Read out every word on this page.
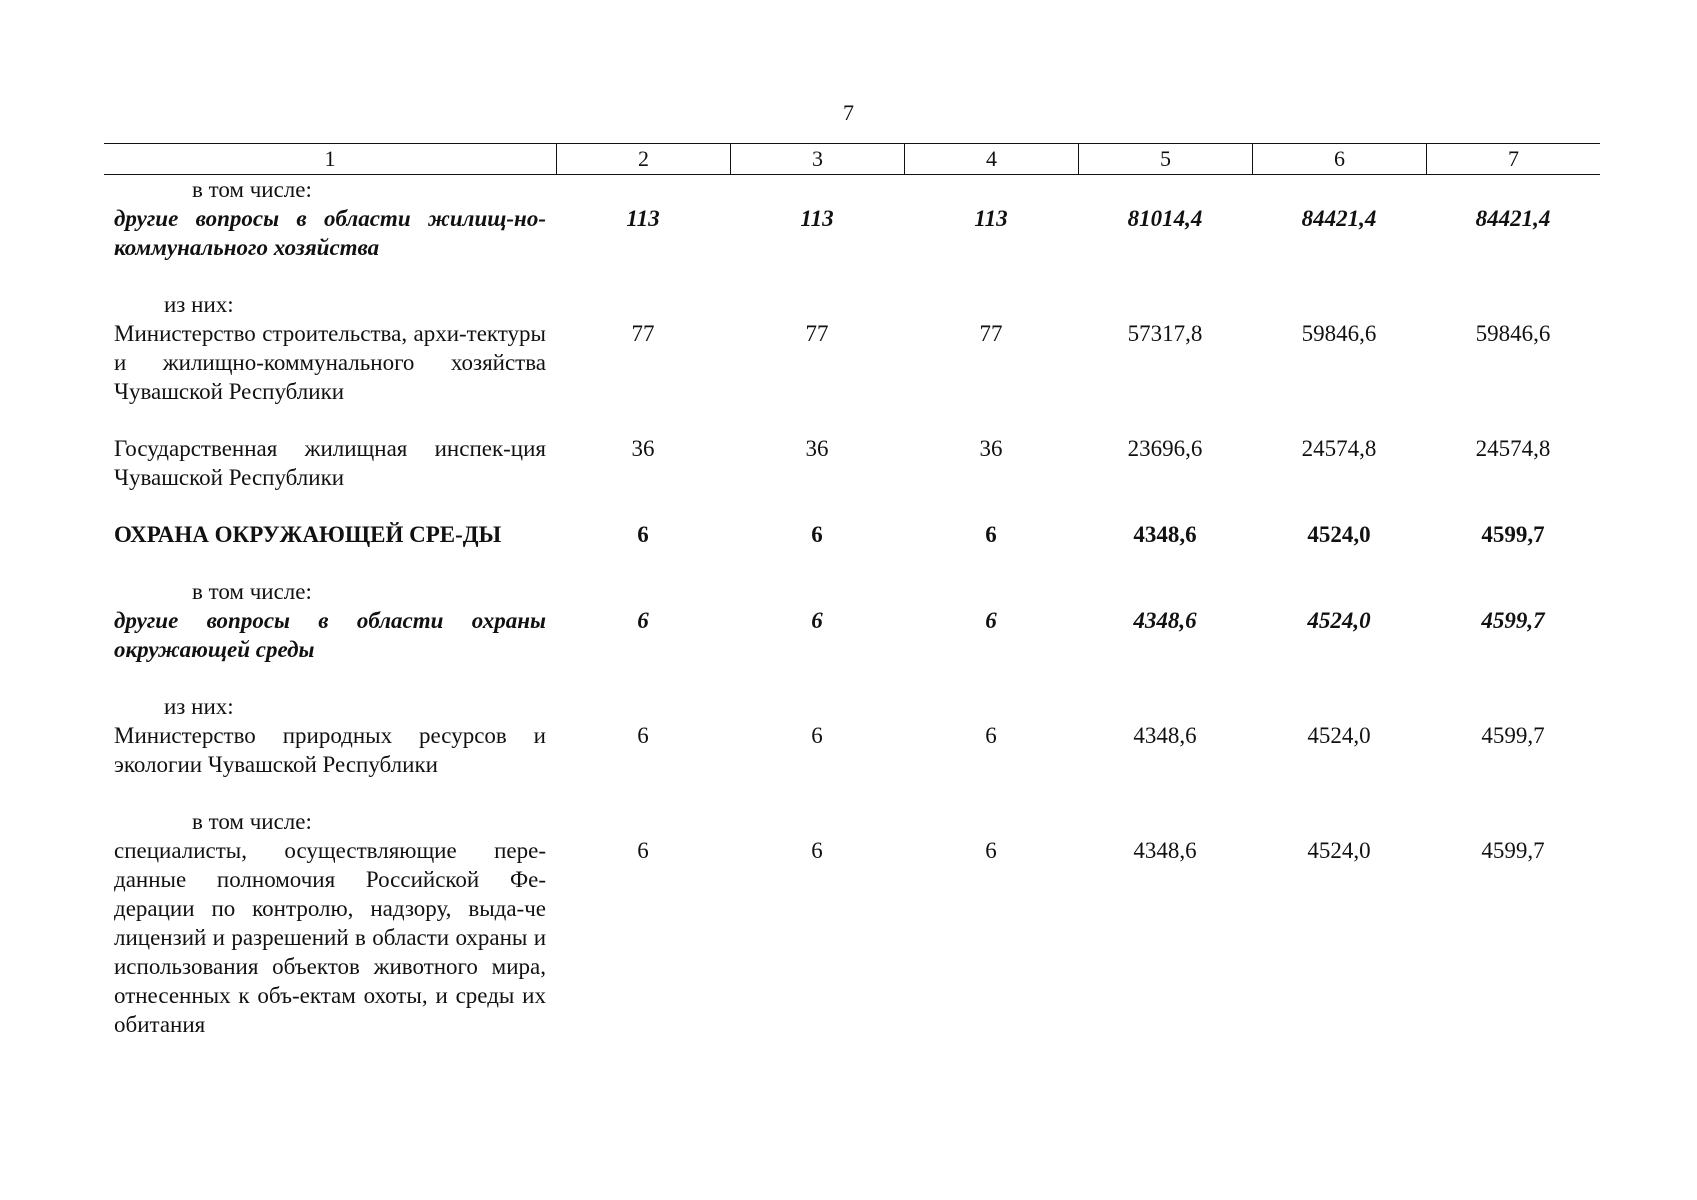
7
1	2	3	4	5	6	7
в том числе:
другие вопросы в области жилищ-но-коммунального хозяйства
113	113	113	81014,4	84421,4	84421,4
из них:
Министерство строительства, архи-тектуры и жилищно-коммунального хозяйства Чувашской Республики
77	77	77	57317,8	59846,6	59846,6
Государственная жилищная инспек-ция Чувашской Республики
36	36	36	23696,6	24574,8	24574,8
ОХРАНА ОКРУЖАЮЩЕЙ СРЕ-ДЫ	6	6	6	4348,6	4524,0	4599,7
в том числе:
другие вопросы в области охраны окружающей среды
6	6	6	4348,6	4524,0	4599,7
из них:
Министерство природных ресурсов и экологии Чувашской Республики
6	6	6	4348,6	4524,0	4599,7
в том числе:
специалисты, осуществляющие пере-данные полномочия Российской Фе-дерации по контролю, надзору, выда-че лицензий и разрешений в области охраны и использования объектов животного мира, отнесенных к объ-ектам охоты, и среды их обитания
6	6	6	4348,6	4524,0	4599,7
